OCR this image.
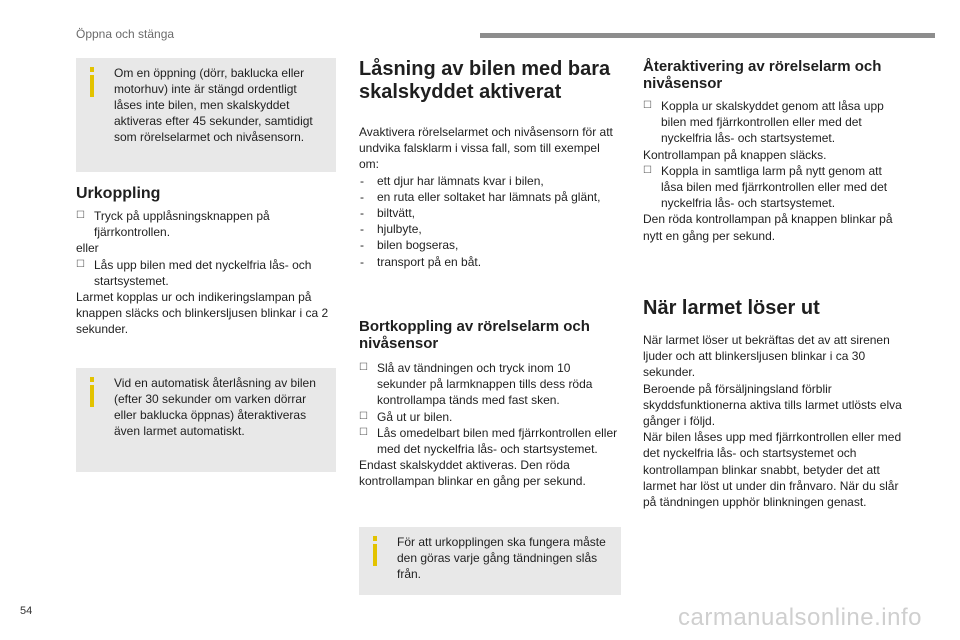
Öppna och stänga

Om en öppning (dörr, baklucka eller motorhuv) inte är stängd ordentligt låses inte bilen, men skalskyddet aktiveras efter 45 sekunder, samtidigt som rörelselarmet och nivåsensorn.

Urkoppling
☐ Tryck på upplåsningsknappen på fjärrkontrollen.

eller

☐ Lås upp bilen med det nyckelfria lås- och startsystemet.

Larmet kopplas ur och indikeringslampan på knappen släcks och blinkersljusen blinkar i ca 2 sekunder.

Vid en automatisk återlåsning av bilen (efter 30 sekunder om varken dörrar eller baklucka öppnas) återaktiveras även larmet automatiskt.

Låsning av bilen med bara skalskyddet aktiverat

Avaktivera rörelselarmet och nivåsensorn för att undvika falsklarm i vissa fall, som till exempel om:

- ett djur har lämnats kvar i bilen,
- en ruta eller soltaket har lämnats på glänt,
- biltvätt,
- hjulbyte,
- bilen bogseras,
- transport på en båt.
Bortkoppling av rörelselarm och nivåsensor
☐ Slå av tändningen och tryck inom 10 sekunder på larmknappen tills dess röda kontrollampa tänds med fast sken.
☐ Gå ut ur bilen.
☐ Lås omedelbart bilen med fjärrkontrollen eller med det nyckelfria lås- och startsystemet.

Endast skalskyddet aktiveras. Den röda kontrollampan blinkar en gång per sekund.

För att urkopplingen ska fungera måste den göras varje gång tändningen slås från.

Återaktivering av rörelselarm och nivåsensor
☐ Koppla ur skalskyddet genom att låsa upp bilen med fjärrkontrollen eller med det nyckelfria lås- och startsystemet.

Kontrollampan på knappen släcks.

☐ Koppla in samtliga larm på nytt genom att låsa bilen med fjärrkontrollen eller med det nyckelfria lås- och startsystemet.

Den röda kontrollampan på knappen blinkar på nytt en gång per sekund.

När larmet löser ut

När larmet löser ut bekräftas det av att sirenen ljuder och att blinkersljusen blinkar i ca 30 sekunder.

Beroende på försäljningsland förblir skyddsfunktionerna aktiva tills larmet utlösts elva gånger i följd.

När bilen låses upp med fjärrkontrollen eller med det nyckelfria lås- och startsystemet och kontrollampan blinkar snabbt, betyder det att larmet har löst ut under din frånvaro. När du slår på tändningen upphör blinkningen genast.

54	carmanualsonline.info
